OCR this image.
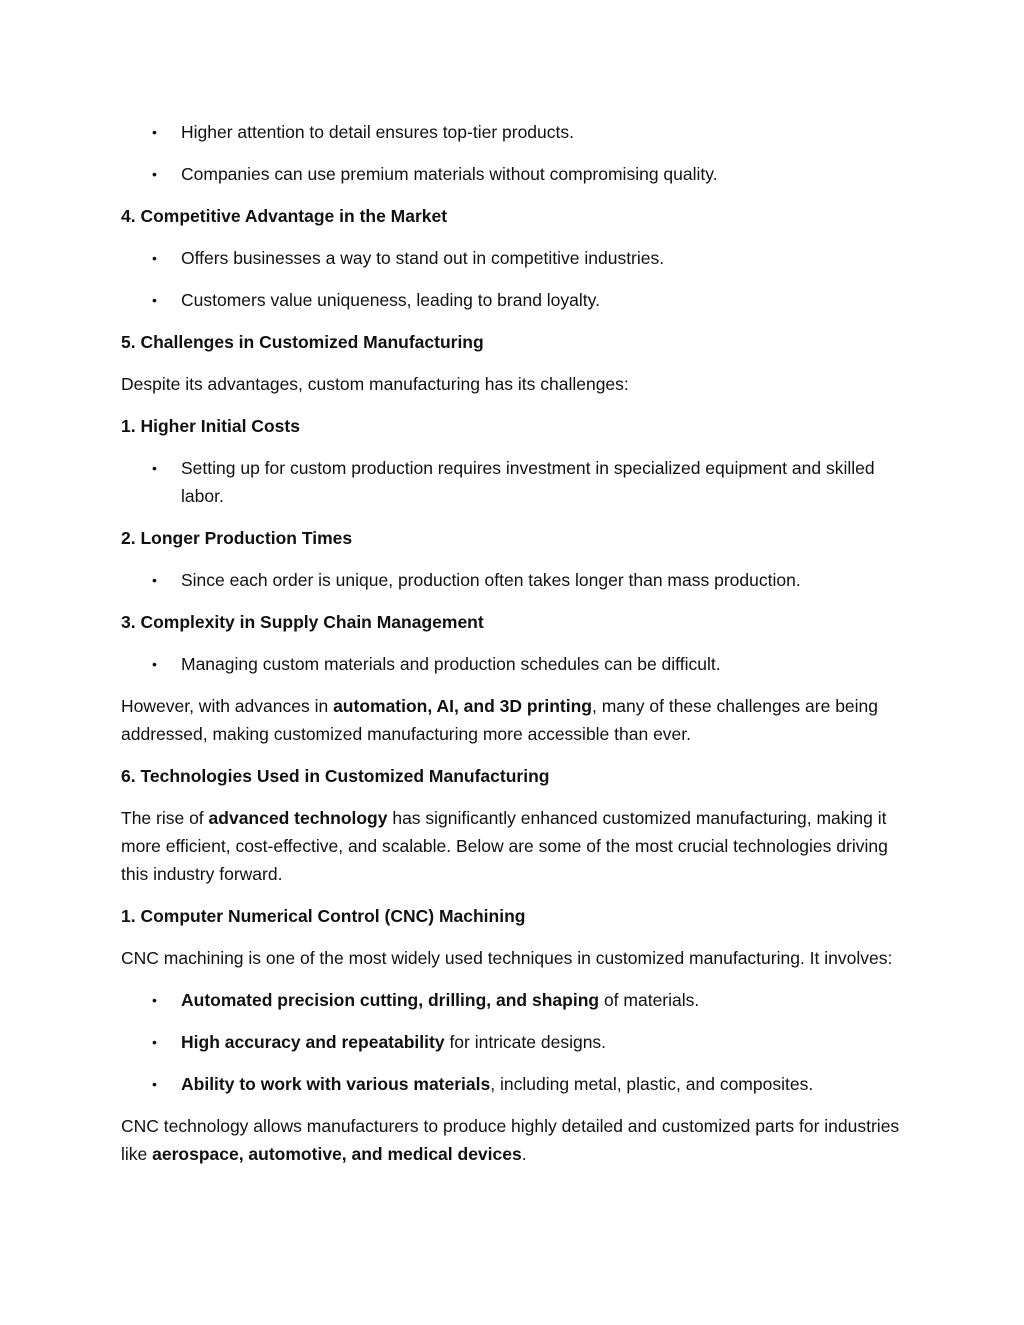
• Higher attention to detail ensures top-tier products.
• Companies can use premium materials without compromising quality.
4. Competitive Advantage in the Market
• Offers businesses a way to stand out in competitive industries.
• Customers value uniqueness, leading to brand loyalty.
5. Challenges in Customized Manufacturing
Despite its advantages, custom manufacturing has its challenges:
1. Higher Initial Costs
• Setting up for custom production requires investment in specialized equipment and skilled labor.
2. Longer Production Times
• Since each order is unique, production often takes longer than mass production.
3. Complexity in Supply Chain Management
• Managing custom materials and production schedules can be difficult.
However, with advances in automation, AI, and 3D printing, many of these challenges are being addressed, making customized manufacturing more accessible than ever.
6. Technologies Used in Customized Manufacturing
The rise of advanced technology has significantly enhanced customized manufacturing, making it more efficient, cost-effective, and scalable. Below are some of the most crucial technologies driving this industry forward.
1. Computer Numerical Control (CNC) Machining
CNC machining is one of the most widely used techniques in customized manufacturing. It involves:
• Automated precision cutting, drilling, and shaping of materials.
• High accuracy and repeatability for intricate designs.
• Ability to work with various materials, including metal, plastic, and composites.
CNC technology allows manufacturers to produce highly detailed and customized parts for industries like aerospace, automotive, and medical devices.
